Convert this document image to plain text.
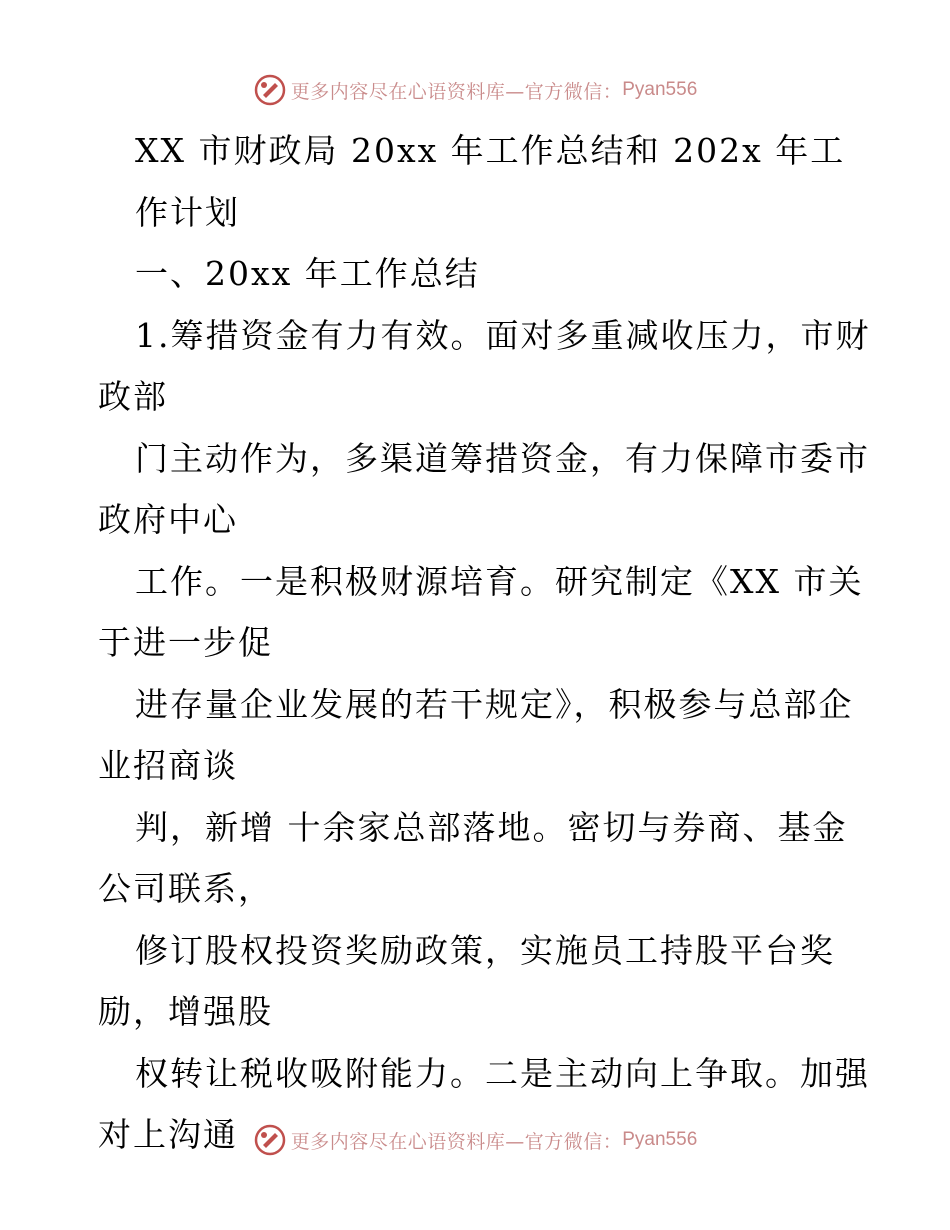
更多内容尽在心语资料库—官方微信： Pyan556
XX 市财政局 20xx 年工作总结和 202x 年工
作计划
一、20xx 年工作总结
1.筹措资金有力有效。面对多重减收压力，市财
政部
门主动作为，多渠道筹措资金，有力保障市委市
政府中心
工作。一是积极财源培育。研究制定《XX 市关
于进一步促
进存量企业发展的若干规定》，积极参与总部企
业招商谈
判，新增 十余家总部落地。密切与券商、基金
公司联系，
修订股权投资奖励政策，实施员工持股平台奖
励，增强股
权转让税收吸附能力。二是主动向上争取。加强
对上沟通	更多内容尽在心语资料库—官方微信： Pyan556
